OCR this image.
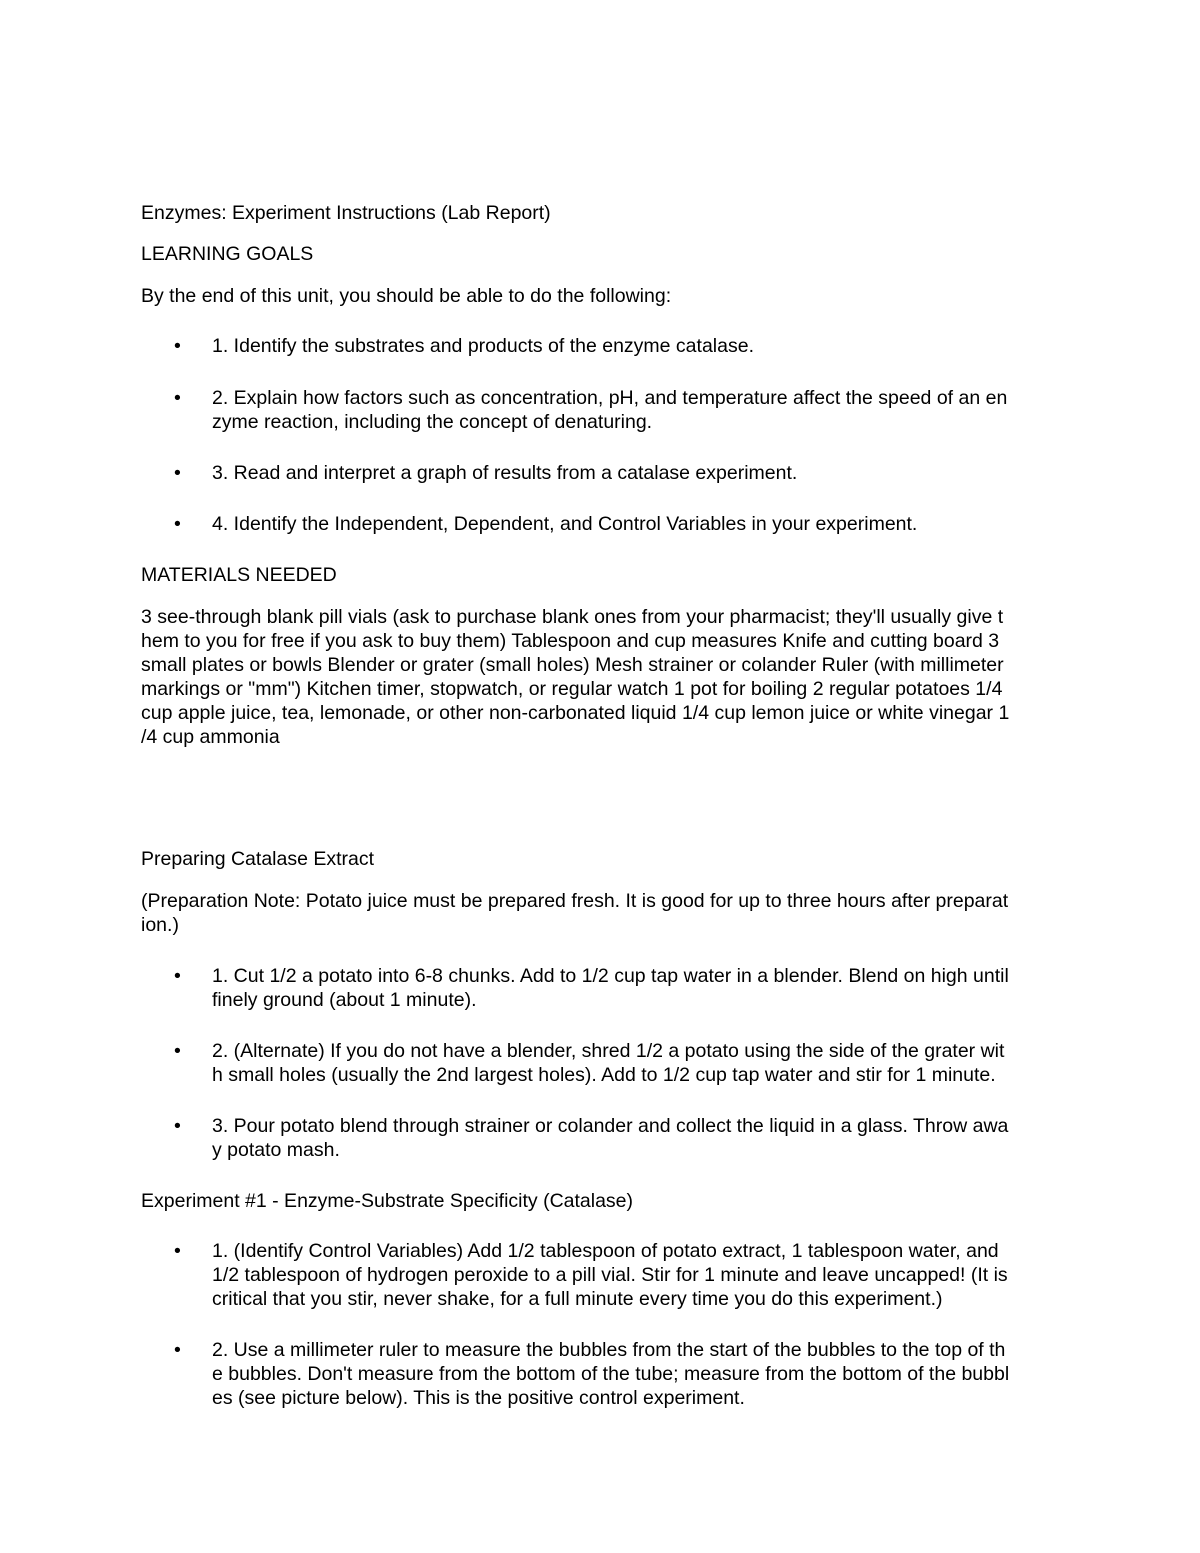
Enzymes: Experiment Instructions (Lab Report)
LEARNING GOALS
By the end of this unit, you should be able to do the following:
• 1. Identify the substrates and products of the enzyme catalase.
• 2. Explain how factors such as concentration, pH, and temperature affect the speed of an en
zyme reaction, including the concept of denaturing.
• 3. Read and interpret a graph of results from a catalase experiment.
• 4. Identify the Independent, Dependent, and Control Variables in your experiment.
MATERIALS NEEDED
3 see-through blank pill vials (ask to purchase blank ones from your pharmacist; they'll usually give t
hem to you for free if you ask to buy them) Tablespoon and cup measures Knife and cutting board 3
small plates or bowls Blender or grater (small holes) Mesh strainer or colander Ruler (with millimeter
markings or "mm") Kitchen timer, stopwatch, or regular watch 1 pot for boiling 2 regular potatoes 1/4
cup apple juice, tea, lemonade, or other non-carbonated liquid 1/4 cup lemon juice or white vinegar 1
/4 cup ammonia
Preparing Catalase Extract
(Preparation Note: Potato juice must be prepared fresh. It is good for up to three hours after preparat
ion.)
• 1. Cut 1/2 a potato into 6-8 chunks. Add to 1/2 cup tap water in a blender. Blend on high until
finely ground (about 1 minute).
• 2. (Alternate) If you do not have a blender, shred 1/2 a potato using the side of the grater wit
h small holes (usually the 2nd largest holes). Add to 1/2 cup tap water and stir for 1 minute.
• 3. Pour potato blend through strainer or colander and collect the liquid in a glass. Throw awa
y potato mash.
Experiment #1 - Enzyme-Substrate Specificity (Catalase)
• 1. (Identify Control Variables) Add 1/2 tablespoon of potato extract, 1 tablespoon water, and
1/2 tablespoon of hydrogen peroxide to a pill vial. Stir for 1 minute and leave uncapped! (It is
critical that you stir, never shake, for a full minute every time you do this experiment.)
• 2. Use a millimeter ruler to measure the bubbles from the start of the bubbles to the top of th
e bubbles. Don't measure from the bottom of the tube; measure from the bottom of the bubbl
es (see picture below). This is the positive control experiment.
